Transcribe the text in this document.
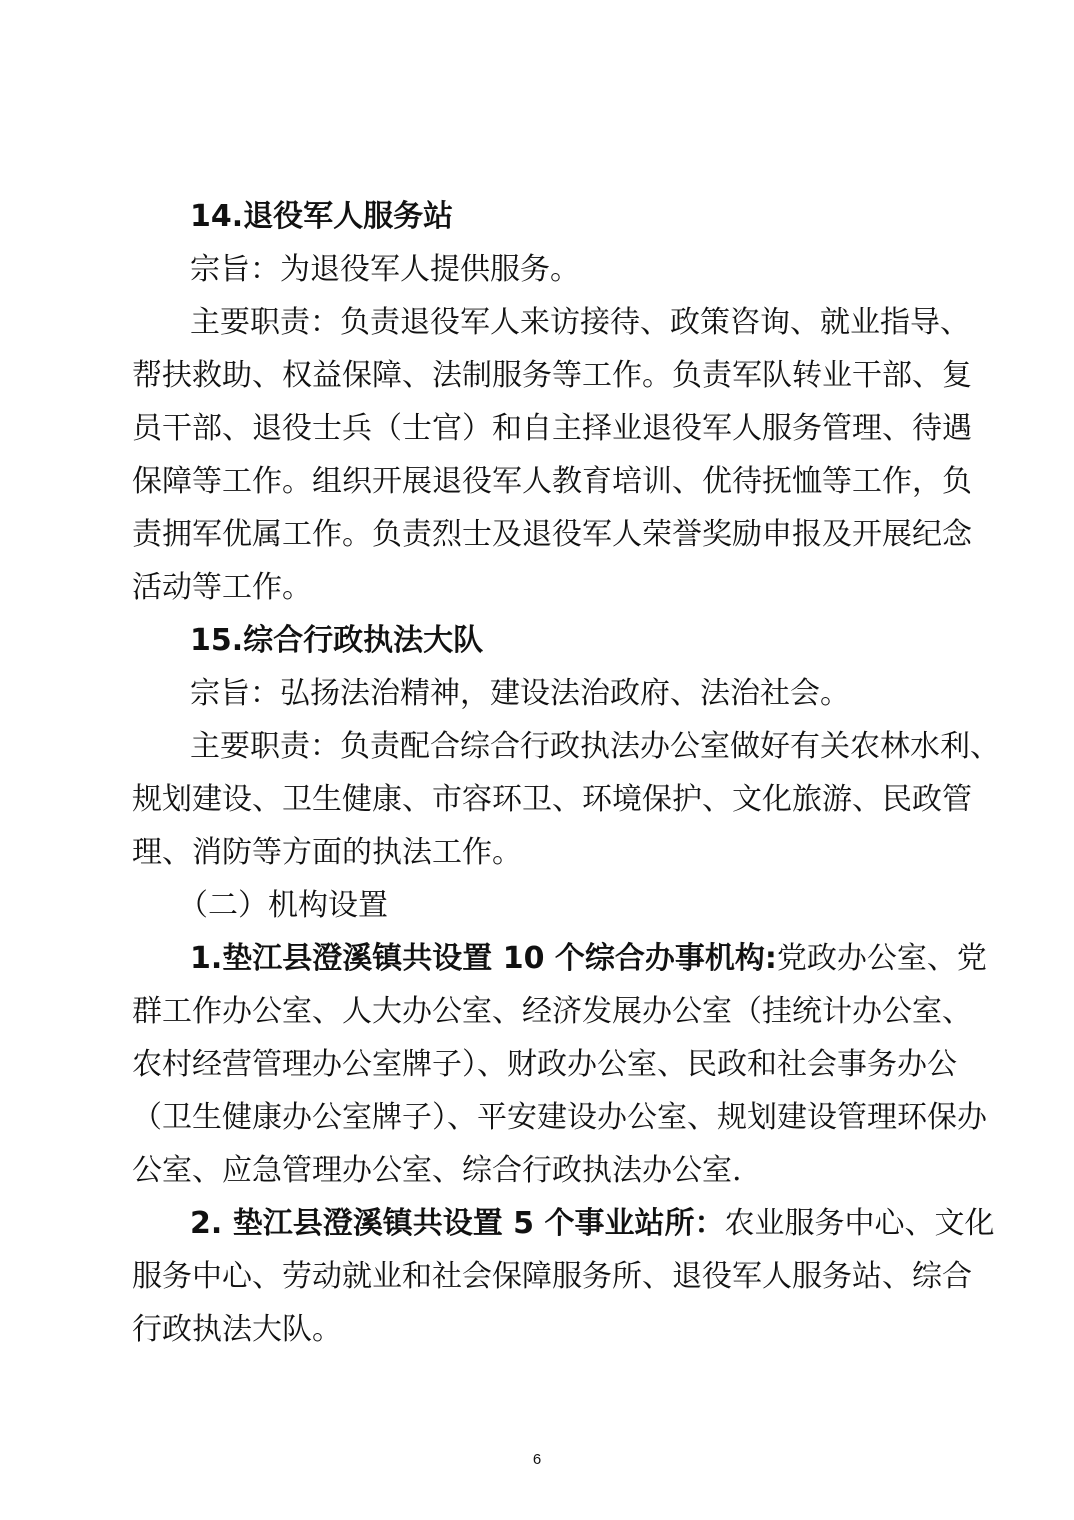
14.退役军人服务站
宗旨：为退役军人提供服务。
主要职责：负责退役军人来访接待、政策咨询、就业指导、
帮扶救助、权益保障、法制服务等工作。负责军队转业干部、复
员干部、退役士兵（士官）和自主择业退役军人服务管理、待遇
保障等工作。组织开展退役军人教育培训、优待抚恤等工作，负
责拥军优属工作。负责烈士及退役军人荣誉奖励申报及开展纪念
活动等工作。
15.综合行政执法大队
宗旨：弘扬法治精神，建设法治政府、法治社会。
主要职责：负责配合综合行政执法办公室做好有关农林水利、
规划建设、卫生健康、市容环卫、环境保护、文化旅游、民政管
理、消防等方面的执法工作。
（二）机构设置
1.垫江县澄溪镇共设置 10 个综合办事机构:党政办公室、党
群工作办公室、人大办公室、经济发展办公室（挂统计办公室、
农村经营管理办公室牌子）、财政办公室、民政和社会事务办公
（卫生健康办公室牌子）、平安建设办公室、规划建设管理环保办
公室、应急管理办公室、综合行政执法办公室.
2. 垫江县澄溪镇共设置 5 个事业站所：农业服务中心、文化
服务中心、劳动就业和社会保障服务所、退役军人服务站、综合
行政执法大队。
6
